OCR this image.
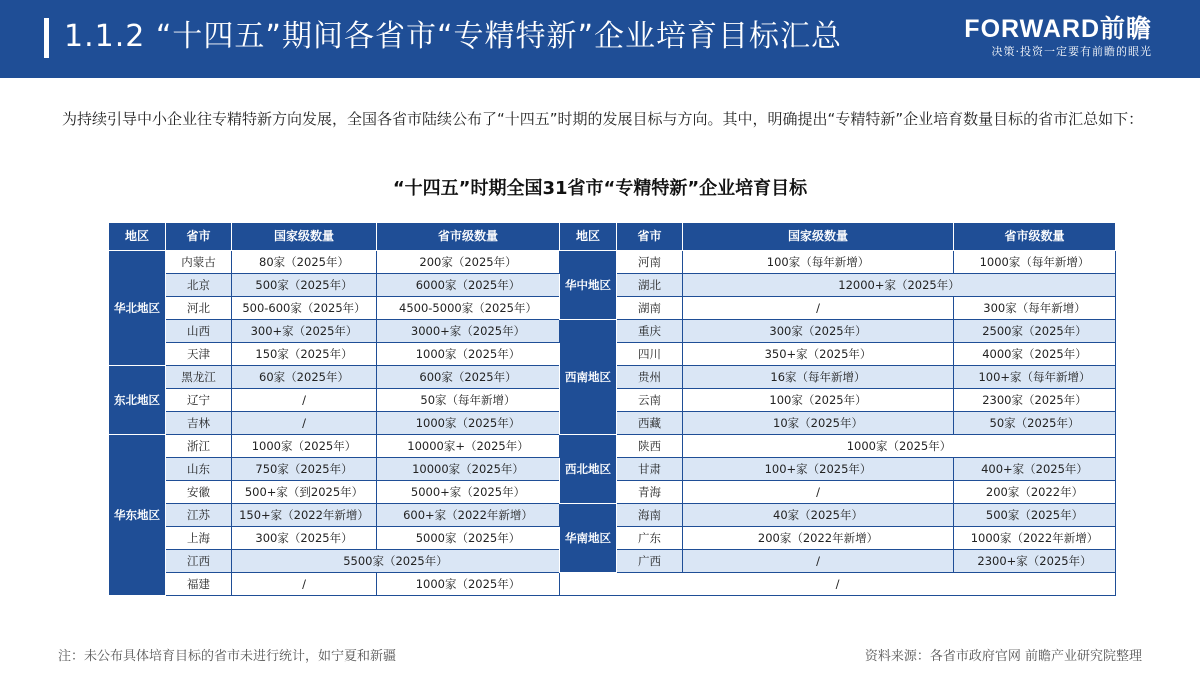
1.1.2 “十四五”期间各省市“专精特新”企业培育目标汇总	FORWARD前瞻
决策·投资一定要有前瞻的眼光
为持续引导中小企业往专精特新方向发展，全国各省市陆续公布了“十四五”时期的发展目标与方向。其中，明确提出“专精特新”企业培育数量目标的省市汇总如下：
“十四五”时期全国31省市“专精特新”企业培育目标
地区	省市	国家级数量	省市级数量	地区	省市	国家级数量	省市级数量
华北地区	内蒙古	80家（2025年）	200家（2025年）	华中地区	河南	100家（每年新增）	1000家（每年新增）
	北京	500家（2025年）	6000家（2025年）		湖北	12000+家（2025年）	
	河北	500-600家（2025年）	4500-5000家（2025年）		湖南	/	300家（每年新增）
	山西	300+家（2025年）	3000+家（2025年）	西南地区	重庆	300家（2025年）	2500家（2025年）
	天津	150家（2025年）	1000家（2025年）		四川	350+家（2025年）	4000家（2025年）
东北地区	黑龙江	60家（2025年）	600家（2025年）		贵州	16家（每年新增）	100+家（每年新增）
	辽宁	/	50家（每年新增）		云南	100家（2025年）	2300家（2025年）
	吉林	/	1000家（2025年）		西藏	10家（2025年）	50家（2025年）
华东地区	浙江	1000家（2025年）	10000家+（2025年）	西北地区	陕西	1000家（2025年）	
	山东	750家（2025年）	10000家（2025年）		甘肃	100+家（2025年）	400+家（2025年）
	安徽	500+家（到2025年）	5000+家（2025年）		青海	/	200家（2022年）
	江苏	150+家（2022年新增）	600+家（2022年新增）	华南地区	海南	40家（2025年）	500家（2025年）
	上海	300家（2025年）	5000家（2025年）		广东	200家（2022年新增）	1000家（2022年新增）
	江西	5500家（2025年）			广西	/	2300+家（2025年）
	福建	/	1000家（2025年）	/			
注：未公布具体培育目标的省市未进行统计，如宁夏和新疆	资料来源：各省市政府官网 前瞻产业研究院整理
